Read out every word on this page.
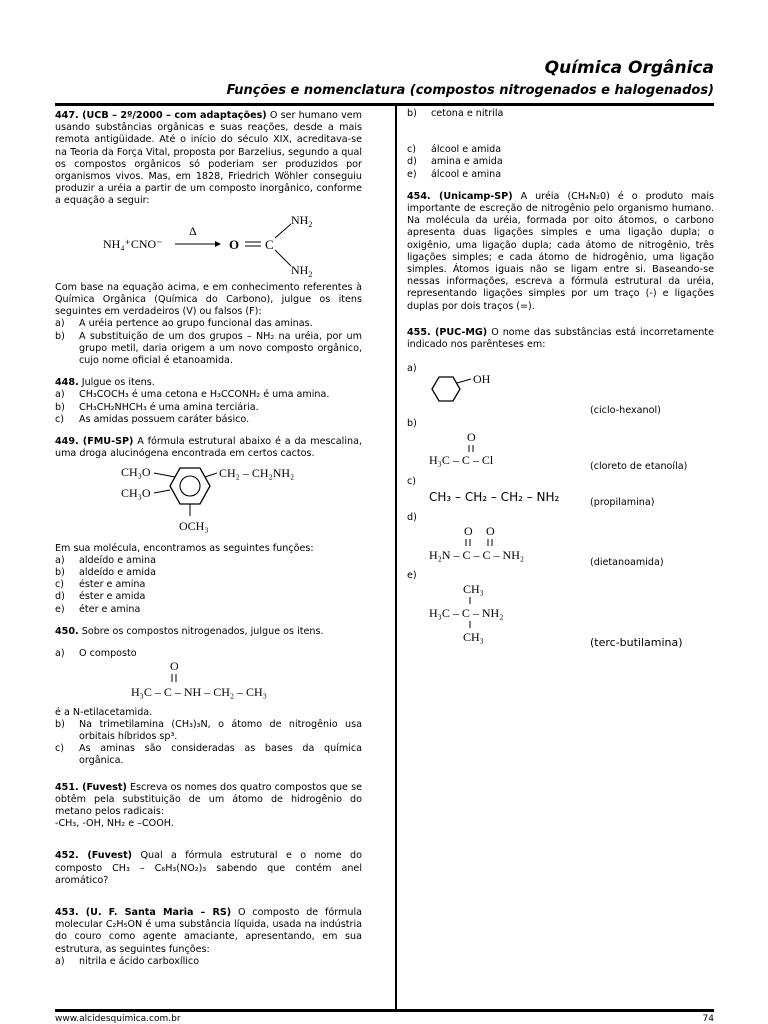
Química Orgânica
Funções e nomenclatura (compostos nitrogenados e halogenados)

447. (UCB – 2º/2000 – com adaptações) O ser humano vem usando substâncias orgânicas e suas reações, desde a mais remota antigüidade. Até o início do século XIX, acreditava-se na Teoria da Força Vital, proposta por Barzelius, segundo a qual os compostos orgânicos só poderiam ser produzidos por organismos vivos. Mas, em 1828, Friedrich Wöhler conseguiu produzir a uréia a partir de um composto inorgânico, conforme a equação a seguir:

NH₄⁺CNO⁻
Δ
O C
$NH_2$
$NH_2$

Com base na equação acima, e em conhecimento referentes à Química Orgânica (Química do Carbono), julgue os itens seguintes em verdadeiros (V) ou falsos (F):

a)	A uréia pertence ao grupo funcional das aminas.
b)	A substituição de um dos grupos – NH₂ na uréia, por um grupo metil, daria origem a um novo composto orgânico, cujo nome oficial é etanoamida.

448. Julgue os itens.

a)	CH₃COCH₃ é uma cetona e H₃CCONH₂ é uma amina.
b)	CH₃CH₂NHCH₃ é uma amina terciária.
c)	As amidas possuem caráter básico.

449. (FMU-SP) A fórmula estrutural abaixo é a da mescalina, uma droga alucinógena encontrada em certos cactos.

CH₃O
CH₃O
CH₂ – CH₂NH₂
OCH₃

Em sua molécula, encontramos as seguintes funções:

a)	aldeído e amina
b)	aldeído e amida
c)	éster e amina
d)	éster e amida
e)	éter e amina

450. Sobre os compostos nitrogenados, julgue os itens.

a)	O composto
O
H₃C – C – NH – CH₂ – CH₃

é a N-etilacetamida.

b)	Na trimetilamina (CH₃)₃N, o átomo de nitrogênio usa orbitais híbridos sp³.
c)	As aminas são consideradas as bases da química orgânica.

451. (Fuvest) Escreva os nomes dos quatro compostos que se obtêm pela substituição de um átomo de hidrogênio do metano pelos radicais:

-CH₃, -OH, NH₂ e –COOH.

452. (Fuvest) Qual a fórmula estrutural e o nome do composto CH₃ – C₆H₃(NO₂)₃ sabendo que contém anel aromático?

453. (U. F. Santa Maria – RS) O composto de fórmula molecular C₂H₅ON é uma substância líquida, usada na indústria do couro como agente amaciante, apresentando, em sua estrutura, as seguintes funções:

a)	nitrila e ácido carboxílico
b)	cetona e nitrila
c)	álcool e amida
d)	amina e amida
e)	álcool e amina

454. (Unicamp-SP) A uréia (CH₄N₂0) é o produto mais importante de escreção de nitrogênio pelo organismo humano. Na molécula da uréia, formada por oito átomos, o carbono apresenta duas ligações simples e uma ligação dupla; o oxigênio, uma ligação dupla; cada átomo de nitrogênio, três ligações simples; e cada átomo de hidrogênio, uma ligação simples. Átomos iguais não se ligam entre si. Baseando-se nessas informações, escreva a fórmula estrutural da uréia, representando ligações simples por um traço (-) e ligações duplas por dois traços (=).

455. (PUC-MG) O nome das substâncias está incorretamente indicado nos parênteses em:

a)
OH
(ciclo-hexanol)
b)
O
H₃C – C – Cl	(cloreto de etanoíla)
c)
CH₃ – CH₂ – CH₂ – NH₂	(propilamina)
d)
O O
H₂N – C – C – NH₂
(dietanoamida)
e)
CH₃
H₃C – C – NH₂
CH₃	(terc-butilamina)
www.alcidesquimica.com.br	74
